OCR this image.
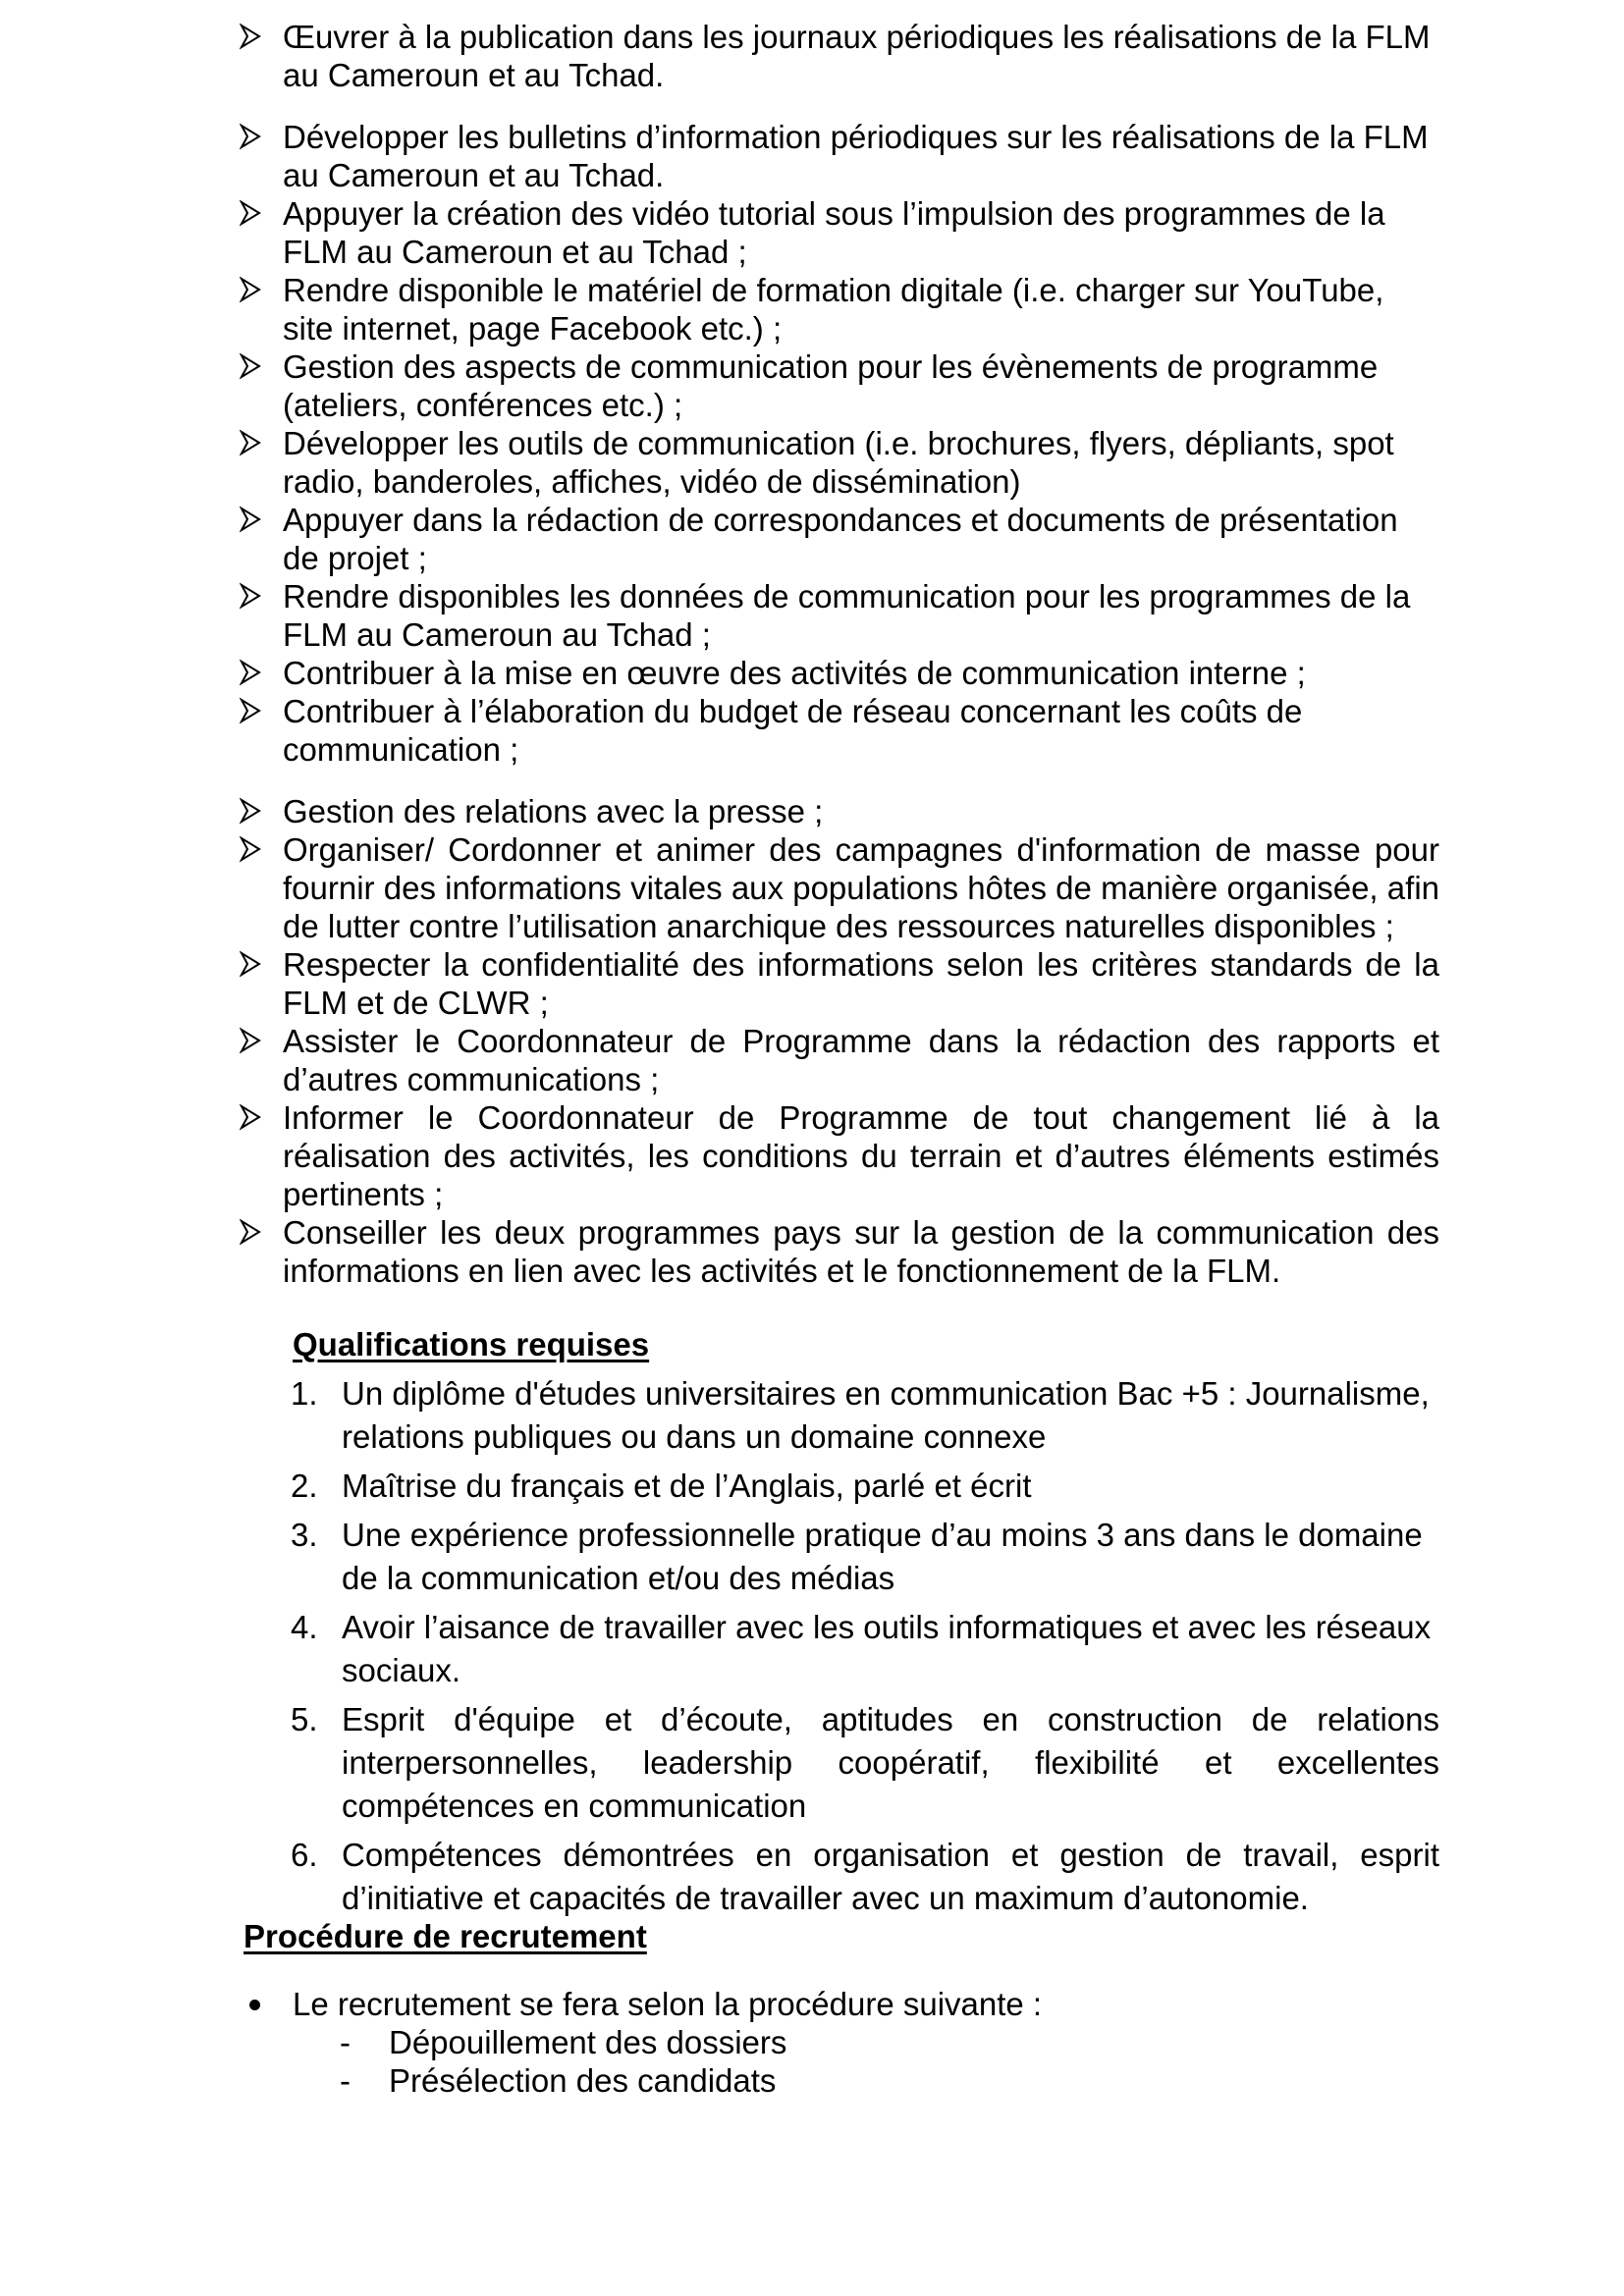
Œuvrer à la publication dans les journaux périodiques les réalisations de la FLM au Cameroun et au Tchad.
Développer les bulletins d’information périodiques sur les réalisations de la FLM au Cameroun et au Tchad.
Appuyer la création des vidéo tutorial sous l’impulsion des programmes de la FLM au Cameroun et au Tchad ;
Rendre disponible le matériel de formation digitale (i.e. charger sur YouTube, site internet, page Facebook etc.) ;
Gestion des aspects de communication pour les évènements de programme (ateliers, conférences etc.) ;
Développer les outils de communication (i.e. brochures, flyers, dépliants, spot radio, banderoles, affiches, vidéo de dissémination)
Appuyer dans la rédaction de correspondances et documents de présentation de projet ;
Rendre disponibles les données de communication pour les programmes de la FLM au Cameroun au Tchad ;
Contribuer à la mise en œuvre des activités de communication interne ;
Contribuer à l’élaboration du budget de réseau concernant les coûts de communication ;
Gestion des relations avec la presse ;
Organiser/ Cordonner et animer des campagnes d'information de masse pour fournir des informations vitales aux populations hôtes de manière organisée, afin de lutter contre l’utilisation anarchique des ressources naturelles disponibles ;
Respecter la confidentialité des informations selon les critères standards de la FLM et de CLWR ;
Assister le Coordonnateur de Programme dans la rédaction des rapports et d’autres communications ;
Informer le Coordonnateur de Programme de tout changement lié à la réalisation des activités, les conditions du terrain et d’autres éléments estimés pertinents ;
Conseiller les deux programmes pays sur la gestion de la communication des informations en lien avec les activités et le fonctionnement de la FLM.
Qualifications requises
1. Un diplôme d'études universitaires en communication Bac +5 : Journalisme, relations publiques ou dans un domaine connexe
2. Maîtrise du français et de l’Anglais, parlé et écrit
3. Une expérience professionnelle pratique d’au moins 3 ans dans le domaine de la communication et/ou des médias
4. Avoir l’aisance de travailler avec les outils informatiques et avec les réseaux sociaux.
5. Esprit d'équipe et d’écoute, aptitudes en construction de relations interpersonnelles, leadership coopératif, flexibilité et excellentes compétences en communication
6. Compétences démontrées en organisation et gestion de travail, esprit d’initiative et capacités de travailler avec un maximum d’autonomie.
Procédure de recrutement
Le recrutement se fera selon la procédure suivante :
- Dépouillement des dossiers
- Présélection des candidats
